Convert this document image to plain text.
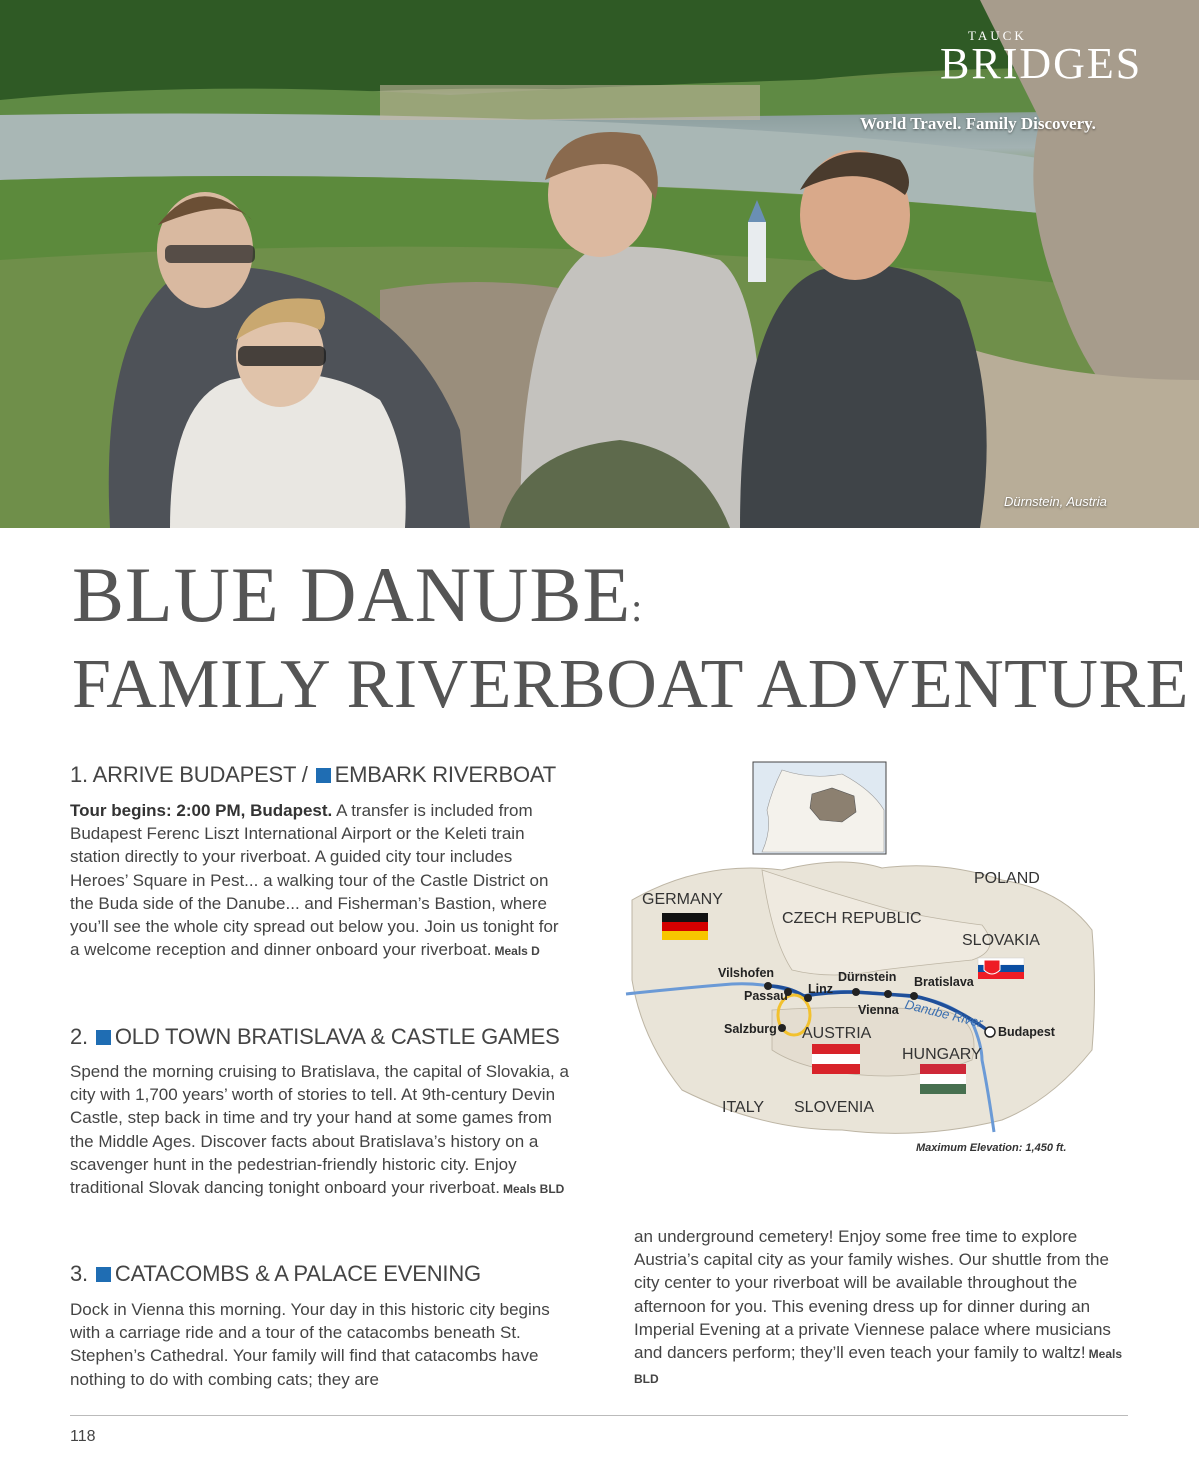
TAUCK
BRIDGES
World Travel. Family Discovery.
Dürnstein, Austria
BLUE DANUBE:
FAMILY RIVERBOAT ADVENTURE
1. ARRIVE BUDAPEST / EMBARK RIVERBOAT

Tour begins: 2:00 PM, Budapest. A transfer is included from Budapest Ferenc Liszt International Airport or the Keleti train station directly to your riverboat. A guided city tour includes Heroes’ Square in Pest... a walking tour of the Castle District on the Buda side of the Danube... and Fisherman’s Bastion, where you’ll see the whole city spread out below you. Join us tonight for a welcome reception and dinner onboard your riverboat. Meals D

2. OLD TOWN BRATISLAVA & CASTLE GAMES

Spend the morning cruising to Bratislava, the capital of Slovakia, a city with 1,700 years’ worth of stories to tell. At 9th-century Devin Castle, step back in time and try your hand at some games from the Middle Ages. Discover facts about Bratislava’s history on a scavenger hunt in the pedestrian-friendly historic city. Enjoy traditional Slovak dancing tonight onboard your riverboat. Meals BLD

3. CATACOMBS & A PALACE EVENING

Dock in Vienna this morning. Your day in this historic city begins with a carriage ride and a tour of the catacombs beneath St. Stephen’s Cathedral. Your family will find that catacombs have nothing to do with combing cats; they are

an underground cemetery! Enjoy some free time to explore Austria’s capital city as your family wishes. Our shuttle from the city center to your riverboat will be available throughout the afternoon for you. This evening dress up for dinner during an Imperial Evening at a private Viennese palace where musicians and dancers perform; they’ll even teach your family to waltz! Meals BLD

GERMANY
CZECH REPUBLIC
POLAND
SLOVAKIA
AUSTRIA
HUNGARY
ITALY SLOVENIA
Vilshofen
Passau Linz
Dürnstein
Vienna
Bratislava
Budapest
Salzburg	Danube River
Maximum Elevation: 1,450 ft.
118
